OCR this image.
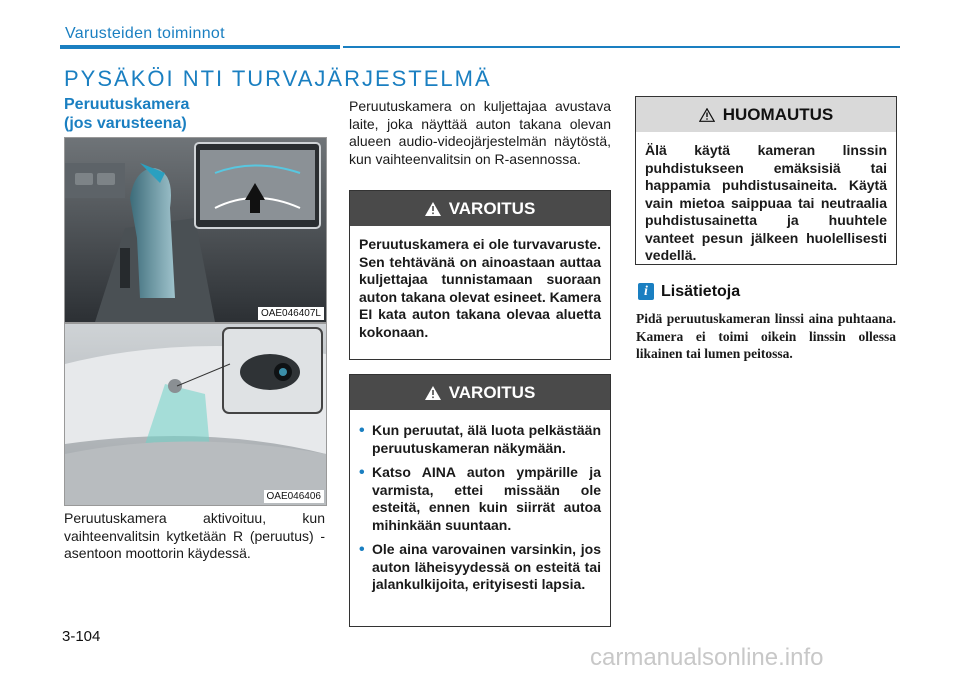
Varusteiden toiminnot
PYSÄKÖI NTI TURVAJÄRJESTELMÄ
Peruutuskamera
(jos varusteena)
OAE046407L
OAE046406
Peruutuskamera aktivoituu, kun vaihteenvalitsin kytketään R (peruutus) -asentoon moottorin käydessä.
Peruutuskamera on kuljettajaa avustava laite, joka näyttää auton takana olevan alueen audio-videojärjestelmän näytöstä, kun vaihteenvalitsin on R-asennossa.
VAROITUS
Peruutuskamera ei ole turvavaruste. Sen tehtävänä on ainoastaan auttaa kuljettajaa tunnistamaan suoraan auton takana olevat esineet. Kamera EI kata auton takana olevaa aluetta kokonaan.
VAROITUS
• Kun peruutat, älä luota pelkästään peruutuskameran näkymään.
• Katso AINA auton ympärille ja varmista, ettei missään ole esteitä, ennen kuin siirrät autoa mihinkään suuntaan.
• Ole aina varovainen varsinkin, jos auton läheisyydessä on esteitä tai jalankulkijoita, erityisesti lapsia.
HUOMAUTUS
Älä käytä kameran linssin puhdistukseen emäksisiä tai happamia puhdistusaineita. Käytä vain mietoa saippuaa tai neutraalia puhdistusainetta ja huuhtele vanteet pesun jälkeen huolellisesti vedellä.
i Lisätietoja
Pidä peruutuskameran linssi aina puhtaana. Kamera ei toimi oikein linssin ollessa likainen tai lumen peitossa.
3-104
carmanualsonline.info
